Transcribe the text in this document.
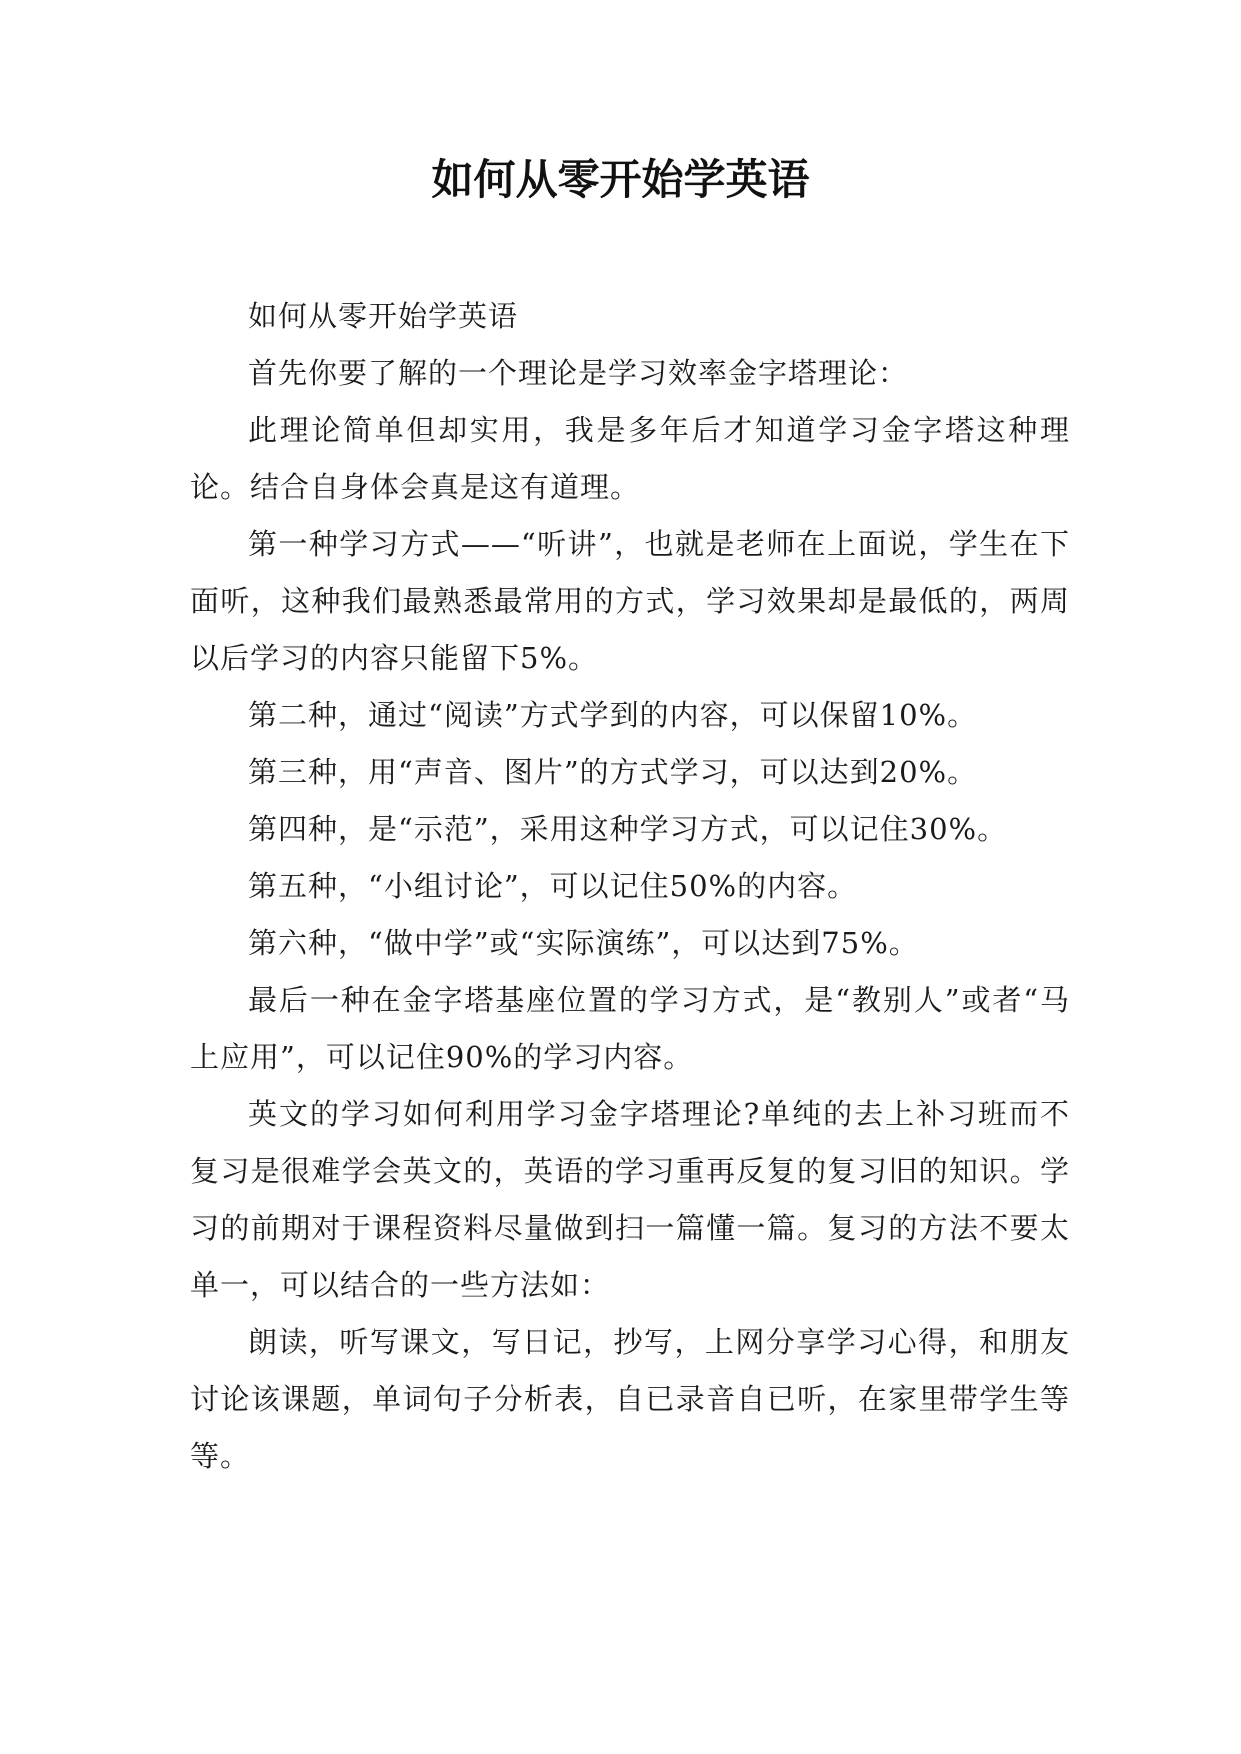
如何从零开始学英语

如何从零开始学英语

首先你要了解的一个理论是学习效率金字塔理论：

此理论简单但却实用，我是多年后才知道学习金字塔这种理论。结合自身体会真是这有道理。

第一种学习方式——“听讲”，也就是老师在上面说，学生在下面听，这种我们最熟悉最常用的方式，学习效果却是最低的，两周以后学习的内容只能留下5%。

第二种，通过“阅读”方式学到的内容，可以保留10%。

第三种，用“声音、图片”的方式学习，可以达到20%。

第四种，是“示范”，采用这种学习方式，可以记住30%。

第五种，“小组讨论”，可以记住50%的内容。

第六种，“做中学”或“实际演练”，可以达到75%。

最后一种在金字塔基座位置的学习方式，是“教别人”或者“马上应用”，可以记住90%的学习内容。

英文的学习如何利用学习金字塔理论?单纯的去上补习班而不复习是很难学会英文的，英语的学习重再反复的复习旧的知识。学习的前期对于课程资料尽量做到扫一篇懂一篇。复习的方法不要太单一，可以结合的一些方法如：

朗读，听写课文，写日记，抄写，上网分享学习心得，和朋友讨论该课题，单词句子分析表，自已录音自已听，在家里带学生等等。
